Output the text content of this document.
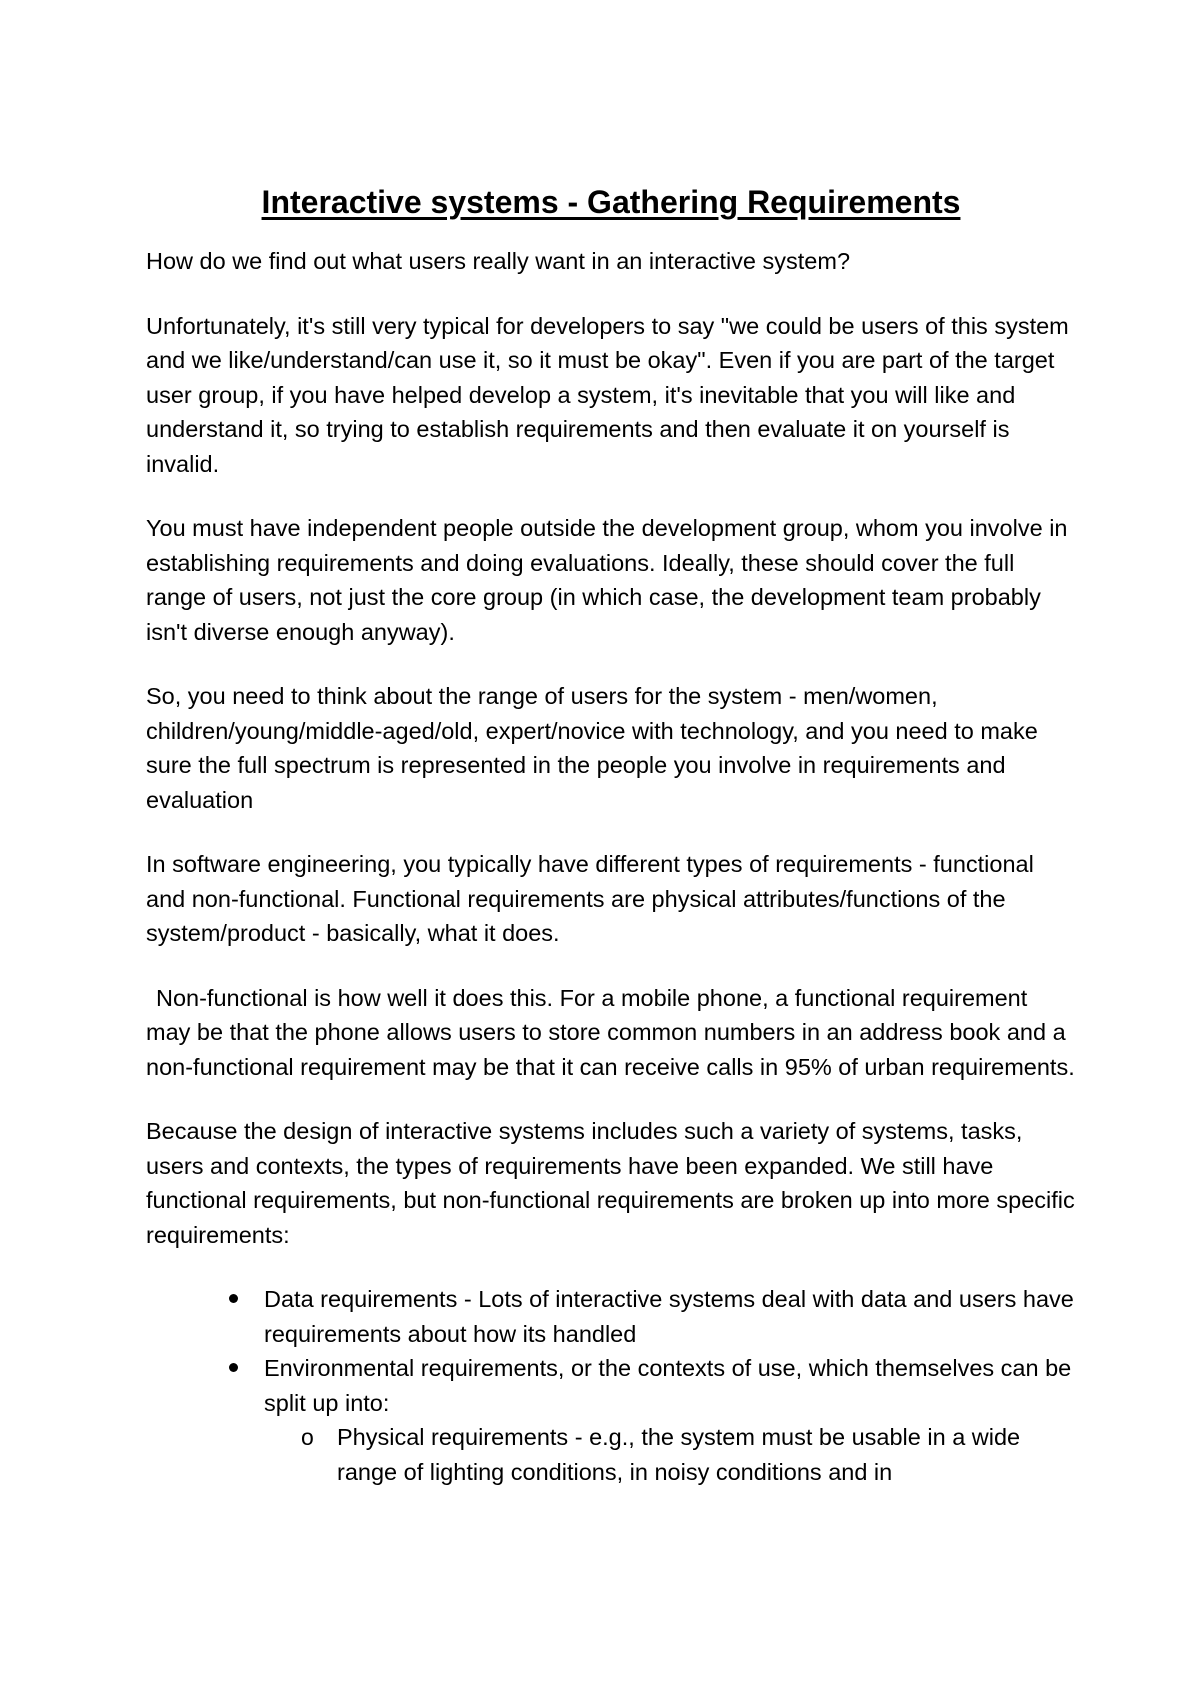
Interactive systems - Gathering Requirements

How do we find out what users really want in an interactive system?

Unfortunately, it's still very typical for developers to say "we could be users of this system and we like/understand/can use it, so it must be okay". Even if you are part of the target user group, if you have helped develop a system, it's inevitable that you will like and understand it, so trying to establish requirements and then evaluate it on yourself is invalid.

You must have independent people outside the development group, whom you involve in establishing requirements and doing evaluations. Ideally, these should cover the full range of users, not just the core group (in which case, the development team probably isn't diverse enough anyway).

So, you need to think about the range of users for the system - men/women, children/young/middle-aged/old, expert/novice with technology, and you need to make sure the full spectrum is represented in the people you involve in requirements and evaluation

In software engineering, you typically have different types of requirements - functional and non-functional. Functional requirements are physical attributes/functions of the system/product - basically, what it does.

Non-functional is how well it does this. For a mobile phone, a functional requirement may be that the phone allows users to store common numbers in an address book and a non-functional requirement may be that it can receive calls in 95% of urban requirements.

Because the design of interactive systems includes such a variety of systems, tasks, users and contexts, the types of requirements have been expanded. We still have functional requirements, but non-functional requirements are broken up into more specific requirements:

Data requirements - Lots of interactive systems deal with data and users have requirements about how its handled
Environmental requirements, or the contexts of use, which themselves can be split up into:
o Physical requirements - e.g., the system must be usable in a wide range of lighting conditions, in noisy conditions and in
